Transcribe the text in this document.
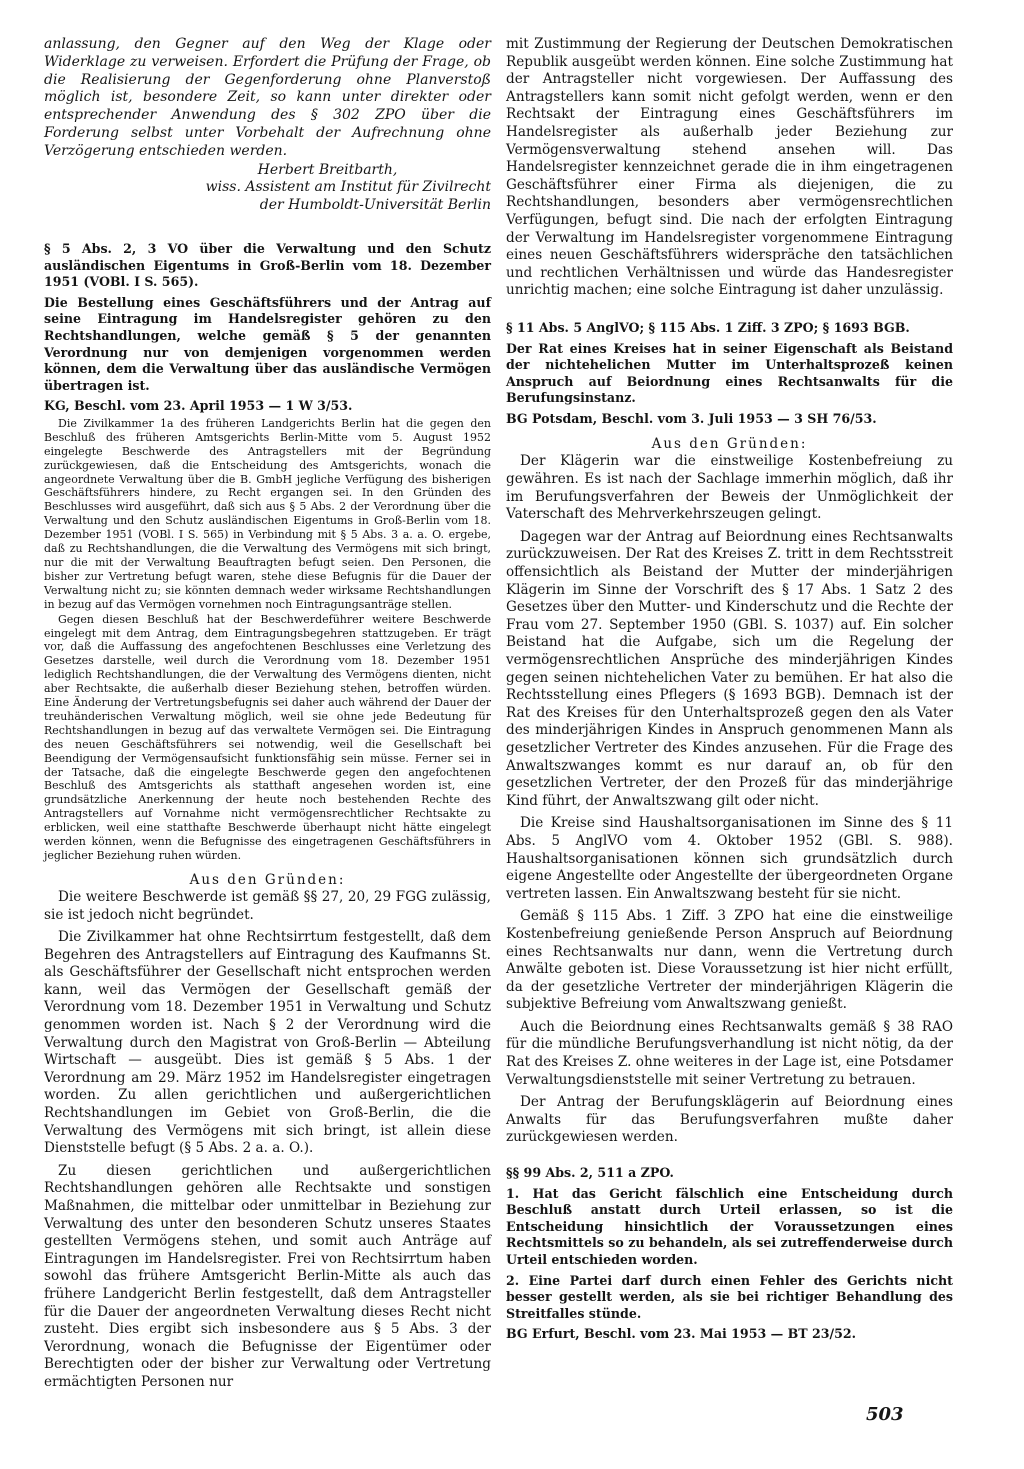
anlassung, den Gegner auf den Weg der Klage oder Widerklage zu verweisen. Erfordert die Prüfung der Frage, ob die Realisierung der Gegenforderung ohne Planverstoß möglich ist, besondere Zeit, so kann unter direkter oder entsprechender Anwendung des § 302 ZPO über die Forderung selbst unter Vorbehalt der Aufrechnung ohne Verzögerung entschieden werden.

Herbert Breitbarth,
wiss. Assistent am Institut für Zivilrecht
der Humboldt-Universität Berlin

§ 5 Abs. 2, 3 VO über die Verwaltung und den Schutz ausländischen Eigentums in Groß-Berlin vom 18. Dezember 1951 (VOBl. I S. 565).

Die Bestellung eines Geschäftsführers und der Antrag auf seine Eintragung im Handelsregister gehören zu den Rechtshandlungen, welche gemäß § 5 der genannten Verordnung nur von demjenigen vorgenommen werden können, dem die Verwaltung über das ausländische Vermögen übertragen ist.

KG, Beschl. vom 23. April 1953 — 1 W 3/53.

Die Zivilkammer 1a des früheren Landgerichts Berlin hat die gegen den Beschluß des früheren Amtsgerichts Berlin-Mitte vom 5. August 1952 eingelegte Beschwerde des Antragstellers mit der Begründung zurückgewiesen, daß die Entscheidung des Amtsgerichts, wonach die angeordnete Verwaltung über die B. GmbH jegliche Verfügung des bisherigen Geschäftsführers hindere, zu Recht ergangen sei. In den Gründen des Beschlusses wird ausgeführt, daß sich aus § 5 Abs. 2 der Verordnung über die Verwaltung und den Schutz ausländischen Eigentums in Groß-Berlin vom 18. Dezember 1951 (VOBl. I S. 565) in Verbindung mit § 5 Abs. 3 a. a. O. ergebe, daß zu Rechtshandlungen, die die Verwaltung des Vermögens mit sich bringt, nur die mit der Verwaltung Beauftragten befugt seien. Den Personen, die bisher zur Vertretung befugt waren, stehe diese Befugnis für die Dauer der Verwaltung nicht zu; sie könnten demnach weder wirksame Rechtshandlungen in bezug auf das Vermögen vornehmen noch Eintragungsanträge stellen.

Gegen diesen Beschluß hat der Beschwerdeführer weitere Beschwerde eingelegt mit dem Antrag, dem Eintragungsbegehren stattzugeben. Er trägt vor, daß die Auffassung des angefochtenen Beschlusses eine Verletzung des Gesetzes darstelle, weil durch die Verordnung vom 18. Dezember 1951 lediglich Rechtshandlungen, die der Verwaltung des Vermögens dienten, nicht aber Rechtsakte, die außerhalb dieser Beziehung stehen, betroffen würden. Eine Änderung der Vertretungsbefugnis sei daher auch während der Dauer der treuhänderischen Verwaltung möglich, weil sie ohne jede Bedeutung für Rechtshandlungen in bezug auf das verwaltete Vermögen sei. Die Eintragung des neuen Geschäftsführers sei notwendig, weil die Gesellschaft bei Beendigung der Vermögensaufsicht funktionsfähig sein müsse. Ferner sei in der Tatsache, daß die eingelegte Beschwerde gegen den angefochtenen Beschluß des Amtsgerichts als statthaft angesehen worden ist, eine grundsätzliche Anerkennung der heute noch bestehenden Rechte des Antragstellers auf Vornahme nicht vermögensrechtlicher Rechtsakte zu erblicken, weil eine statthafte Beschwerde überhaupt nicht hätte eingelegt werden können, wenn die Befugnisse des eingetragenen Geschäftsführers in jeglicher Beziehung ruhen würden.

Aus den Gründen:

Die weitere Beschwerde ist gemäß §§ 27, 20, 29 FGG zulässig, sie ist jedoch nicht begründet.

Die Zivilkammer hat ohne Rechtsirrtum festgestellt, daß dem Begehren des Antragstellers auf Eintragung des Kaufmanns St. als Geschäftsführer der Gesellschaft nicht entsprochen werden kann, weil das Vermögen der Gesellschaft gemäß der Verordnung vom 18. Dezember 1951 in Verwaltung und Schutz genommen worden ist. Nach § 2 der Verordnung wird die Verwaltung durch den Magistrat von Groß-Berlin — Abteilung Wirtschaft — ausgeübt. Dies ist gemäß § 5 Abs. 1 der Verordnung am 29. März 1952 im Handelsregister eingetragen worden. Zu allen gerichtlichen und außergerichtlichen Rechtshandlungen im Gebiet von Groß-Berlin, die die Verwaltung des Vermögens mit sich bringt, ist allein diese Dienststelle befugt (§ 5 Abs. 2 a. a. O.).

Zu diesen gerichtlichen und außergerichtlichen Rechtshandlungen gehören alle Rechtsakte und sonstigen Maßnahmen, die mittelbar oder unmittelbar in Beziehung zur Verwaltung des unter den besonderen Schutz unseres Staates gestellten Vermögens stehen, und somit auch Anträge auf Eintragungen im Handelsregister. Frei von Rechtsirrtum haben sowohl das frühere Amtsgericht Berlin-Mitte als auch das frühere Landgericht Berlin festgestellt, daß dem Antragsteller für die Dauer der angeordneten Verwaltung dieses Recht nicht zusteht. Dies ergibt sich insbesondere aus § 5 Abs. 3 der Verordnung, wonach die Befugnisse der Eigentümer oder Berechtigten oder der bisher zur Verwaltung oder Vertretung ermächtigten Personen nur

mit Zustimmung der Regierung der Deutschen Demokratischen Republik ausgeübt werden können. Eine solche Zustimmung hat der Antragsteller nicht vorgewiesen. Der Auffassung des Antragstellers kann somit nicht gefolgt werden, wenn er den Rechtsakt der Eintragung eines Geschäftsführers im Handelsregister als außerhalb jeder Beziehung zur Vermögensverwaltung stehend ansehen will. Das Handelsregister kennzeichnet gerade die in ihm eingetragenen Geschäftsführer einer Firma als diejenigen, die zu Rechtshandlungen, besonders aber vermögensrechtlichen Verfügungen, befugt sind. Die nach der erfolgten Eintragung der Verwaltung im Handelsregister vorgenommene Eintragung eines neuen Geschäftsführers widerspräche den tatsächlichen und rechtlichen Verhältnissen und würde das Handesregister unrichtig machen; eine solche Eintragung ist daher unzulässig.

§ 11 Abs. 5 AnglVO; § 115 Abs. 1 Ziff. 3 ZPO; § 1693 BGB.

Der Rat eines Kreises hat in seiner Eigenschaft als Beistand der nichtehelichen Mutter im Unterhaltsprozeß keinen Anspruch auf Beiordnung eines Rechtsanwalts für die Berufungsinstanz.

BG Potsdam, Beschl. vom 3. Juli 1953 — 3 SH 76/53.

Aus den Gründen:

Der Klägerin war die einstweilige Kostenbefreiung zu gewähren. Es ist nach der Sachlage immerhin möglich, daß ihr im Berufungsverfahren der Beweis der Unmöglichkeit der Vaterschaft des Mehrverkehrszeugen gelingt.

Dagegen war der Antrag auf Beiordnung eines Rechtsanwalts zurückzuweisen. Der Rat des Kreises Z. tritt in dem Rechtsstreit offensichtlich als Beistand der Mutter der minderjährigen Klägerin im Sinne der Vorschrift des § 17 Abs. 1 Satz 2 des Gesetzes über den Mutter- und Kinderschutz und die Rechte der Frau vom 27. September 1950 (GBl. S. 1037) auf. Ein solcher Beistand hat die Aufgabe, sich um die Regelung der vermögensrechtlichen Ansprüche des minderjährigen Kindes gegen seinen nichtehelichen Vater zu bemühen. Er hat also die Rechtsstellung eines Pflegers (§ 1693 BGB). Demnach ist der Rat des Kreises für den Unterhaltsprozeß gegen den als Vater des minderjährigen Kindes in Anspruch genommenen Mann als gesetzlicher Vertreter des Kindes anzusehen. Für die Frage des Anwaltszwanges kommt es nur darauf an, ob für den gesetzlichen Vertreter, der den Prozeß für das minderjährige Kind führt, der Anwaltszwang gilt oder nicht.

Die Kreise sind Haushaltsorganisationen im Sinne des § 11 Abs. 5 AnglVO vom 4. Oktober 1952 (GBl. S. 988). Haushaltsorganisationen können sich grundsätzlich durch eigene Angestellte oder Angestellte der übergeordneten Organe vertreten lassen. Ein Anwaltszwang besteht für sie nicht.

Gemäß § 115 Abs. 1 Ziff. 3 ZPO hat eine die einstweilige Kostenbefreiung genießende Person Anspruch auf Beiordnung eines Rechtsanwalts nur dann, wenn die Vertretung durch Anwälte geboten ist. Diese Voraussetzung ist hier nicht erfüllt, da der gesetzliche Vertreter der minderjährigen Klägerin die subjektive Befreiung vom Anwaltszwang genießt.

Auch die Beiordnung eines Rechtsanwalts gemäß § 38 RAO für die mündliche Berufungsverhandlung ist nicht nötig, da der Rat des Kreises Z. ohne weiteres in der Lage ist, eine Potsdamer Verwaltungsdienststelle mit seiner Vertretung zu betrauen.

Der Antrag der Berufungsklägerin auf Beiordnung eines Anwalts für das Berufungsverfahren mußte daher zurückgewiesen werden.

§§ 99 Abs. 2, 511 a ZPO.

1. Hat das Gericht fälschlich eine Entscheidung durch Beschluß anstatt durch Urteil erlassen, so ist die Entscheidung hinsichtlich der Voraussetzungen eines Rechtsmittels so zu behandeln, als sei zutreffenderweise durch Urteil entschieden worden.

2. Eine Partei darf durch einen Fehler des Gerichts nicht besser gestellt werden, als sie bei richtiger Behandlung des Streitfalles stünde.

BG Erfurt, Beschl. vom 23. Mai 1953 — BT 23/52.

503
